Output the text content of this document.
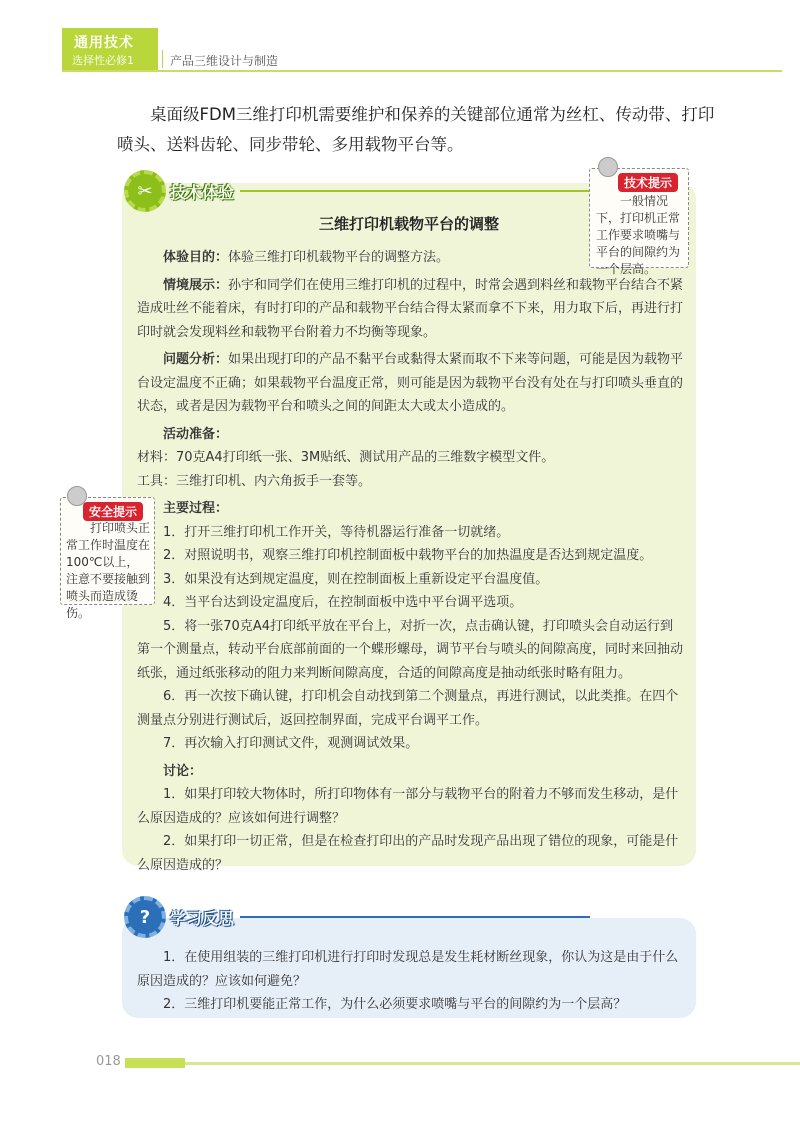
通用技术
选择性必修1	产品三维设计与制造
桌面级FDM三维打印机需要维护和保养的关键部位通常为丝杠、传动带、打印喷头、送料齿轮、同步带轮、多用载物平台等。
✂	技术体验
三维打印机载物平台的调整

体验目的：体验三维打印机载物平台的调整方法。

情境展示：孙宇和同学们在使用三维打印机的过程中，时常会遇到料丝和载物平台结合不紧造成吐丝不能着床，有时打印的产品和载物平台结合得太紧而拿不下来，用力取下后，再进行打印时就会发现料丝和载物平台附着力不均衡等现象。

问题分析：如果出现打印的产品不黏平台或黏得太紧而取不下来等问题，可能是因为载物平台设定温度不正确；如果载物平台温度正常，则可能是因为载物平台没有处在与打印喷头垂直的状态，或者是因为载物平台和喷头之间的间距太大或太小造成的。

活动准备：

材料：70克A4打印纸一张、3M贴纸、测试用产品的三维数字模型文件。

工具：三维打印机、内六角扳手一套等。

主要过程：

1．打开三维打印机工作开关，等待机器运行准备一切就绪。

2．对照说明书，观察三维打印机控制面板中载物平台的加热温度是否达到规定温度。

3．如果没有达到规定温度，则在控制面板上重新设定平台温度值。

4．当平台达到设定温度后，在控制面板中选中平台调平选项。

5．将一张70克A4打印纸平放在平台上，对折一次，点击确认键，打印喷头会自动运行到第一个测量点，转动平台底部前面的一个蝶形螺母，调节平台与喷头的间隙高度，同时来回抽动纸张，通过纸张移动的阻力来判断间隙高度，合适的间隙高度是抽动纸张时略有阻力。

6．再一次按下确认键，打印机会自动找到第二个测量点，再进行测试，以此类推。在四个测量点分别进行测试后，返回控制界面，完成平台调平工作。

7．再次输入打印测试文件，观测调试效果。

讨论：

1．如果打印较大物体时，所打印物体有一部分与载物平台的附着力不够而发生移动，是什么原因造成的？应该如何进行调整？

2．如果打印一切正常，但是在检查打印出的产品时发现产品出现了错位的现象，可能是什么原因造成的？

技术提示
一般情况下，打印机正常工作要求喷嘴与平台的间隙约为一个层高。
安全提示
打印喷头正常工作时温度在100℃以上，注意不要接触到喷头而造成烫伤。
?	学习反思

1．在使用组装的三维打印机进行打印时发现总是发生耗材断丝现象，你认为这是由于什么原因造成的？应该如何避免？

2．三维打印机要能正常工作，为什么必须要求喷嘴与平台的间隙约为一个层高？

018
